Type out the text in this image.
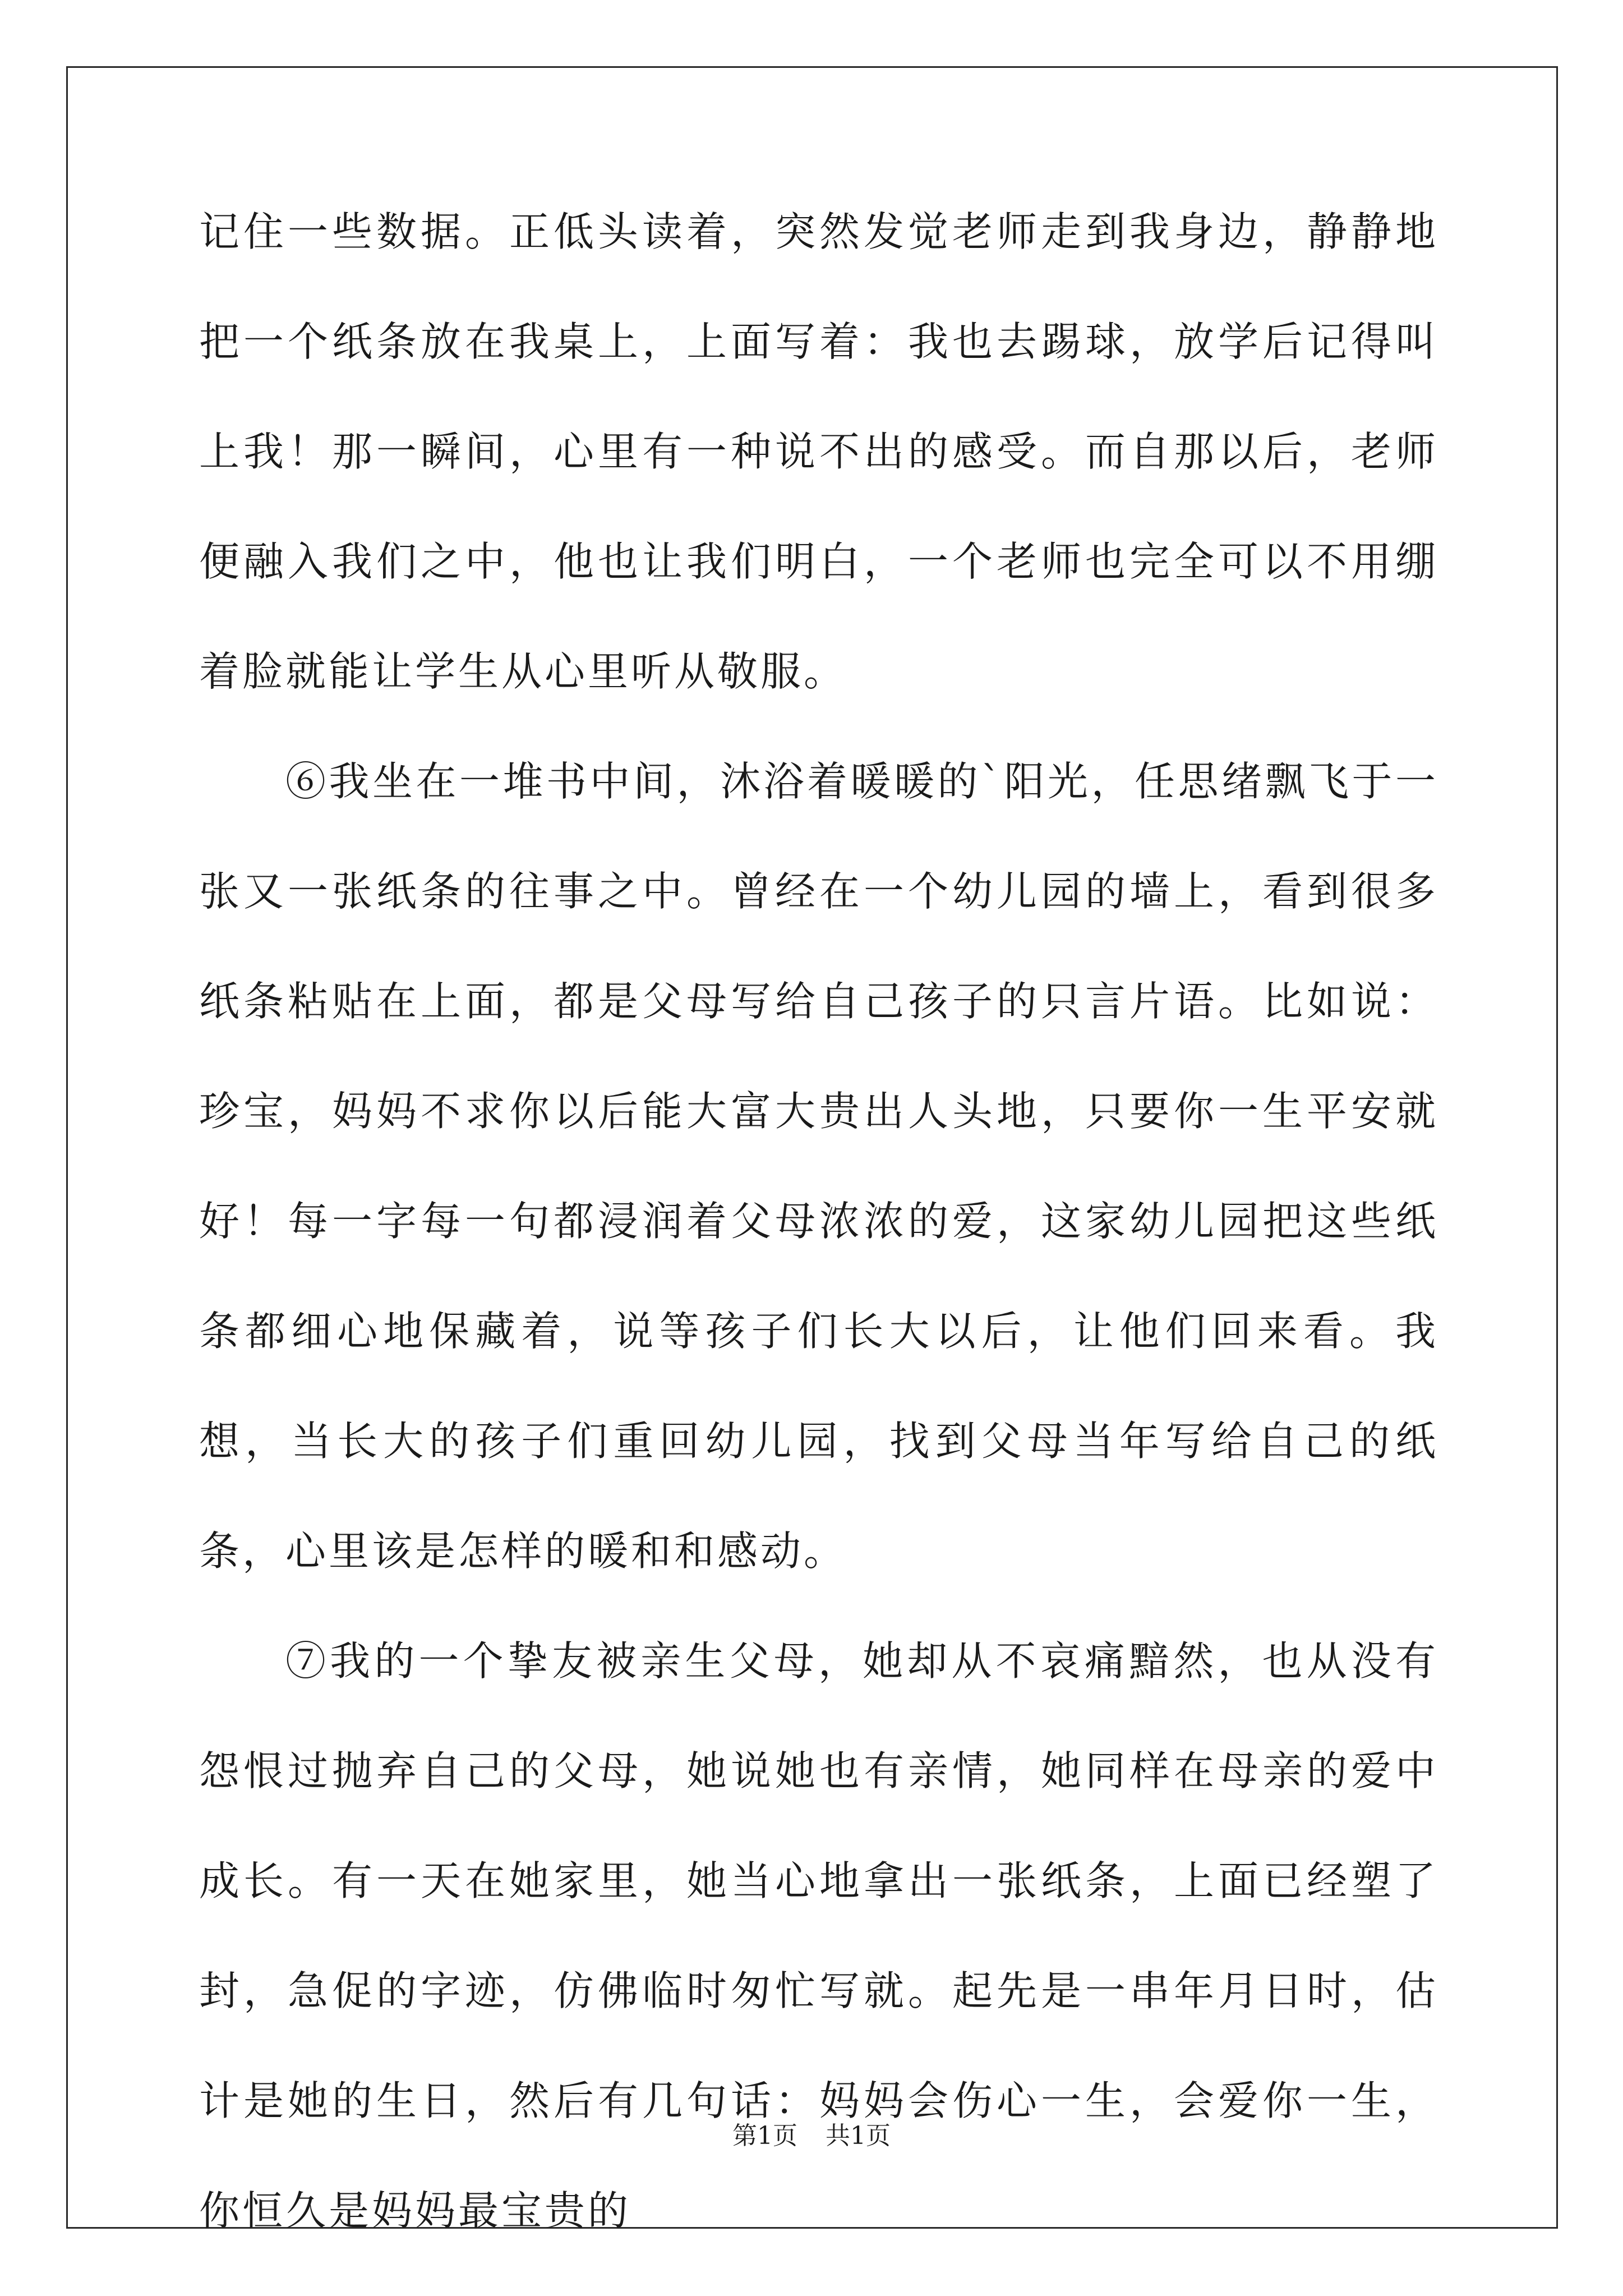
记住一些数据。正低头读着，突然发觉老师走到我身边，静静地把一个纸条放在我桌上，上面写着：我也去踢球，放学后记得叫上我！那一瞬间，心里有一种说不出的感受。而自那以后，老师便融入我们之中，他也让我们明白，一个老师也完全可以不用绷着脸就能让学生从心里听从敬服。

⑥我坐在一堆书中间，沐浴着暖暖的`阳光，任思绪飘飞于一张又一张纸条的往事之中。曾经在一个幼儿园的墙上，看到很多纸条粘贴在上面，都是父母写给自己孩子的只言片语。比如说：珍宝，妈妈不求你以后能大富大贵出人头地，只要你一生平安就好！每一字每一句都浸润着父母浓浓的爱，这家幼儿园把这些纸条都细心地保藏着，说等孩子们长大以后，让他们回来看。我想，当长大的孩子们重回幼儿园，找到父母当年写给自己的纸条，心里该是怎样的暖和和感动。

⑦我的一个挚友被亲生父母，她却从不哀痛黯然，也从没有怨恨过抛弃自己的父母，她说她也有亲情，她同样在母亲的爱中成长。有一天在她家里，她当心地拿出一张纸条，上面已经塑了封，急促的字迹，仿佛临时匆忙写就。起先是一串年月日时，估计是她的生日，然后有几句话：妈妈会伤心一生，会爱你一生，你恒久是妈妈最宝贵的

第1页 共1页
